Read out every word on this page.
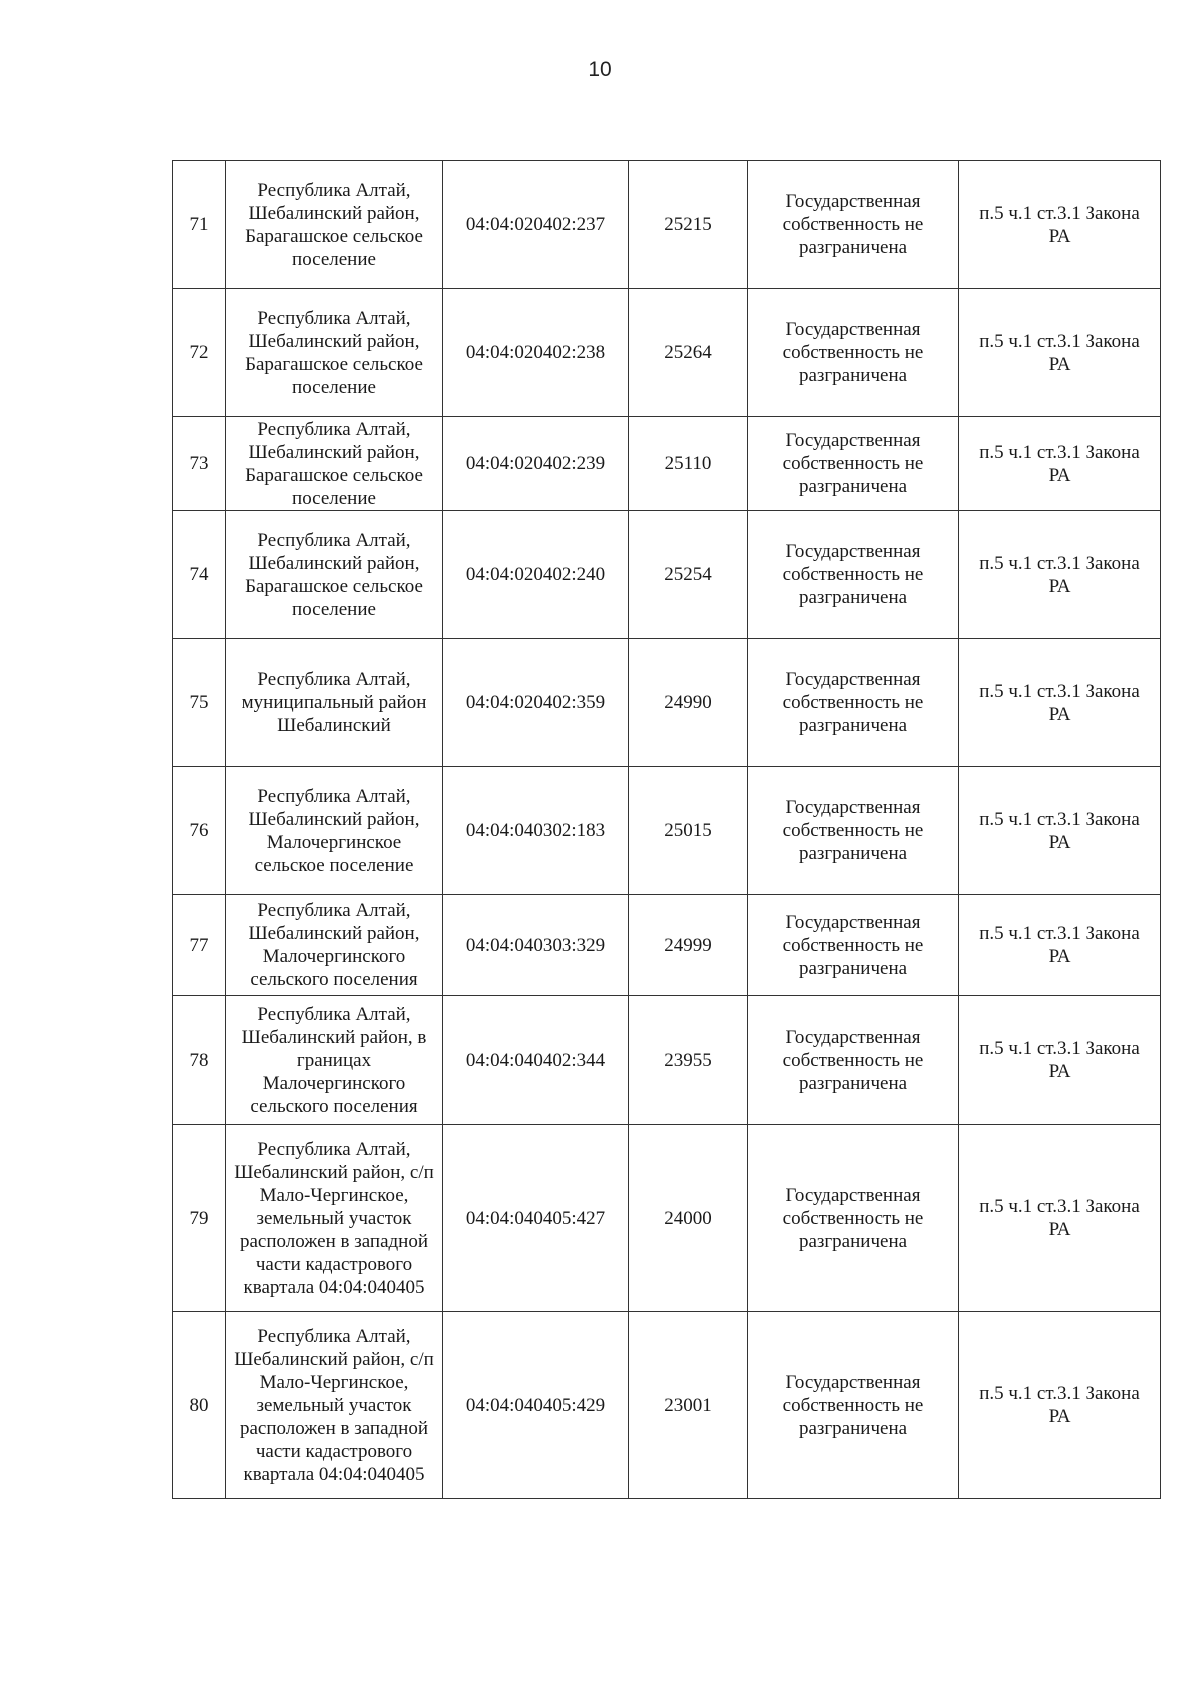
10
71	Республика Алтай, Шебалинский район, Барагашское сельское поселение	04:04:020402:237	25215	Государственная собственность не разграничена	п.5 ч.1 ст.3.1 Закона РА
72	Республика Алтай, Шебалинский район, Барагашское сельское поселение	04:04:020402:238	25264	Государственная собственность не разграничена	п.5 ч.1 ст.3.1 Закона РА
73	Республика Алтай, Шебалинский район, Барагашское сельское поселение	04:04:020402:239	25110	Государственная собственность не разграничена	п.5 ч.1 ст.3.1 Закона РА
74	Республика Алтай, Шебалинский район, Барагашское сельское поселение	04:04:020402:240	25254	Государственная собственность не разграничена	п.5 ч.1 ст.3.1 Закона РА
75	Республика Алтай, муниципальный район Шебалинский	04:04:020402:359	24990	Государственная собственность не разграничена	п.5 ч.1 ст.3.1 Закона РА
76	Республика Алтай, Шебалинский район, Малочергинское сельское поселение	04:04:040302:183	25015	Государственная собственность не разграничена	п.5 ч.1 ст.3.1 Закона РА
77	Республика Алтай, Шебалинский район, Малочергинского сельского поселения	04:04:040303:329	24999	Государственная собственность не разграничена	п.5 ч.1 ст.3.1 Закона РА
78	Республика Алтай, Шебалинский район, в границах Малочергинского сельского поселения	04:04:040402:344	23955	Государственная собственность не разграничена	п.5 ч.1 ст.3.1 Закона РА
79	Республика Алтай, Шебалинский район, с/п Мало-Чергинское, земельный участок расположен в западной части кадастрового квартала 04:04:040405	04:04:040405:427	24000	Государственная собственность не разграничена	п.5 ч.1 ст.3.1 Закона РА
80	Республика Алтай, Шебалинский район, с/п Мало-Чергинское, земельный участок расположен в западной части кадастрового квартала 04:04:040405	04:04:040405:429	23001	Государственная собственность не разграничена	п.5 ч.1 ст.3.1 Закона РА
